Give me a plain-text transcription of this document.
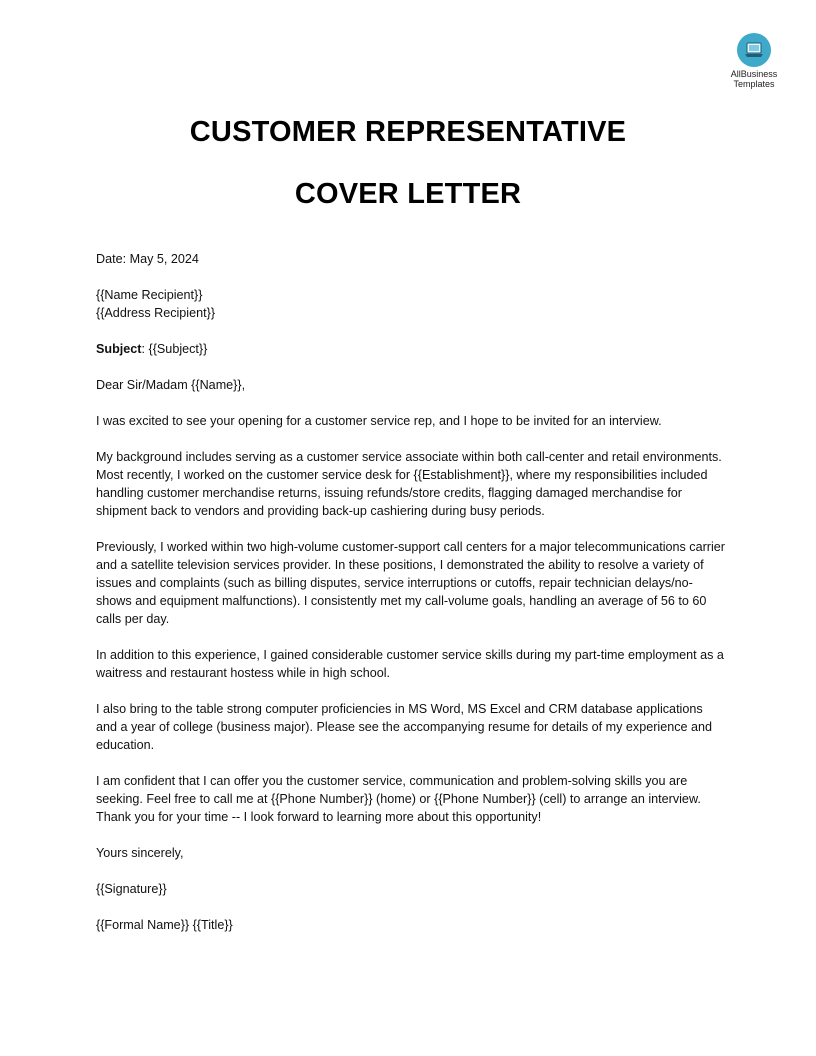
AllBusiness
Templates
CUSTOMER REPRESENTATIVE
COVER LETTER

Date: May 5, 2024

{{Name Recipient}}

{{Address Recipient}}

Subject: {{Subject}}

Dear Sir/Madam {{Name}},

I was excited to see your opening for a customer service rep, and I hope to be invited for an interview.

My background includes serving as a customer service associate within both call-center and retail environments. Most recently, I worked on the customer service desk for {{Establishment}}, where my responsibilities included handling customer merchandise returns, issuing refunds/store credits, flagging damaged merchandise for shipment back to vendors and providing back-up cashiering during busy periods.

Previously, I worked within two high-volume customer-support call centers for a major telecommunications carrier and a satellite television services provider. In these positions, I demonstrated the ability to resolve a variety of issues and complaints (such as billing disputes, service interruptions or cutoffs, repair technician delays/no-shows and equipment malfunctions). I consistently met my call-volume goals, handling an average of 56 to 60 calls per day.

In addition to this experience, I gained considerable customer service skills during my part-time employment as a waitress and restaurant hostess while in high school.

I also bring to the table strong computer proficiencies in MS Word, MS Excel and CRM database applications and a year of college (business major). Please see the accompanying resume for details of my experience and education.

I am confident that I can offer you the customer service, communication and problem-solving skills you are seeking. Feel free to call me at {{Phone Number}} (home) or {{Phone Number}} (cell) to arrange an interview. Thank you for your time -- I look forward to learning more about this opportunity!

Yours sincerely,

{{Signature}}

{{Formal Name}} {{Title}}
